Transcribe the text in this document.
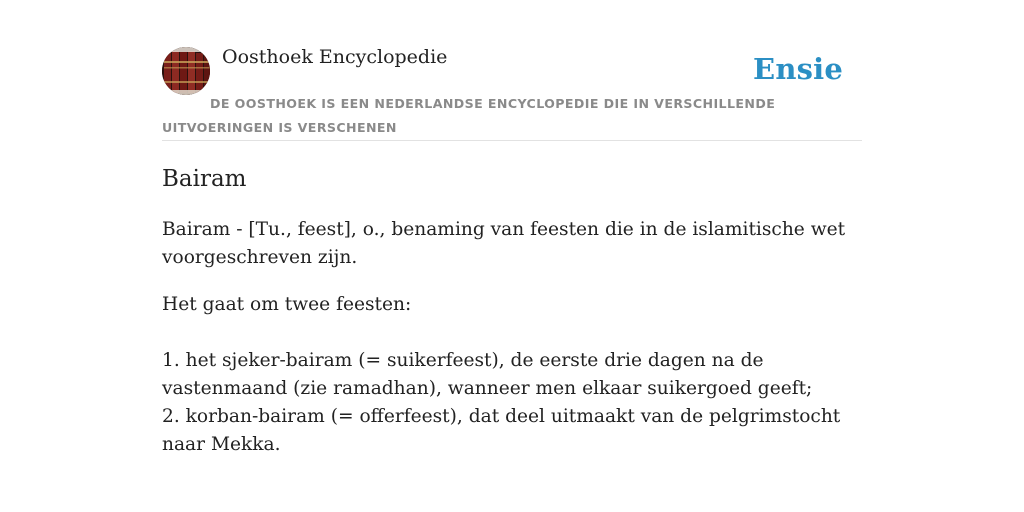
Oosthoek Encyclopedie	Ensie
DE OOSTHOEK IS EEN NEDERLANDSE ENCYCLOPEDIE DIE IN VERSCHILLENDE UITVOERINGEN IS VERSCHENEN
Bairam

Bairam - [Tu., feest], o., benaming van feesten die in de islamitische wet voorgeschreven zijn.

Het gaat om twee feesten:

1. het sjeker-bairam (= suikerfeest), de eerste drie dagen na de vastenmaand (zie ramadhan), wanneer men elkaar suikergoed geeft;

2. korban-bairam (= offerfeest), dat deel uitmaakt van de pelgrimstocht naar Mekka.
